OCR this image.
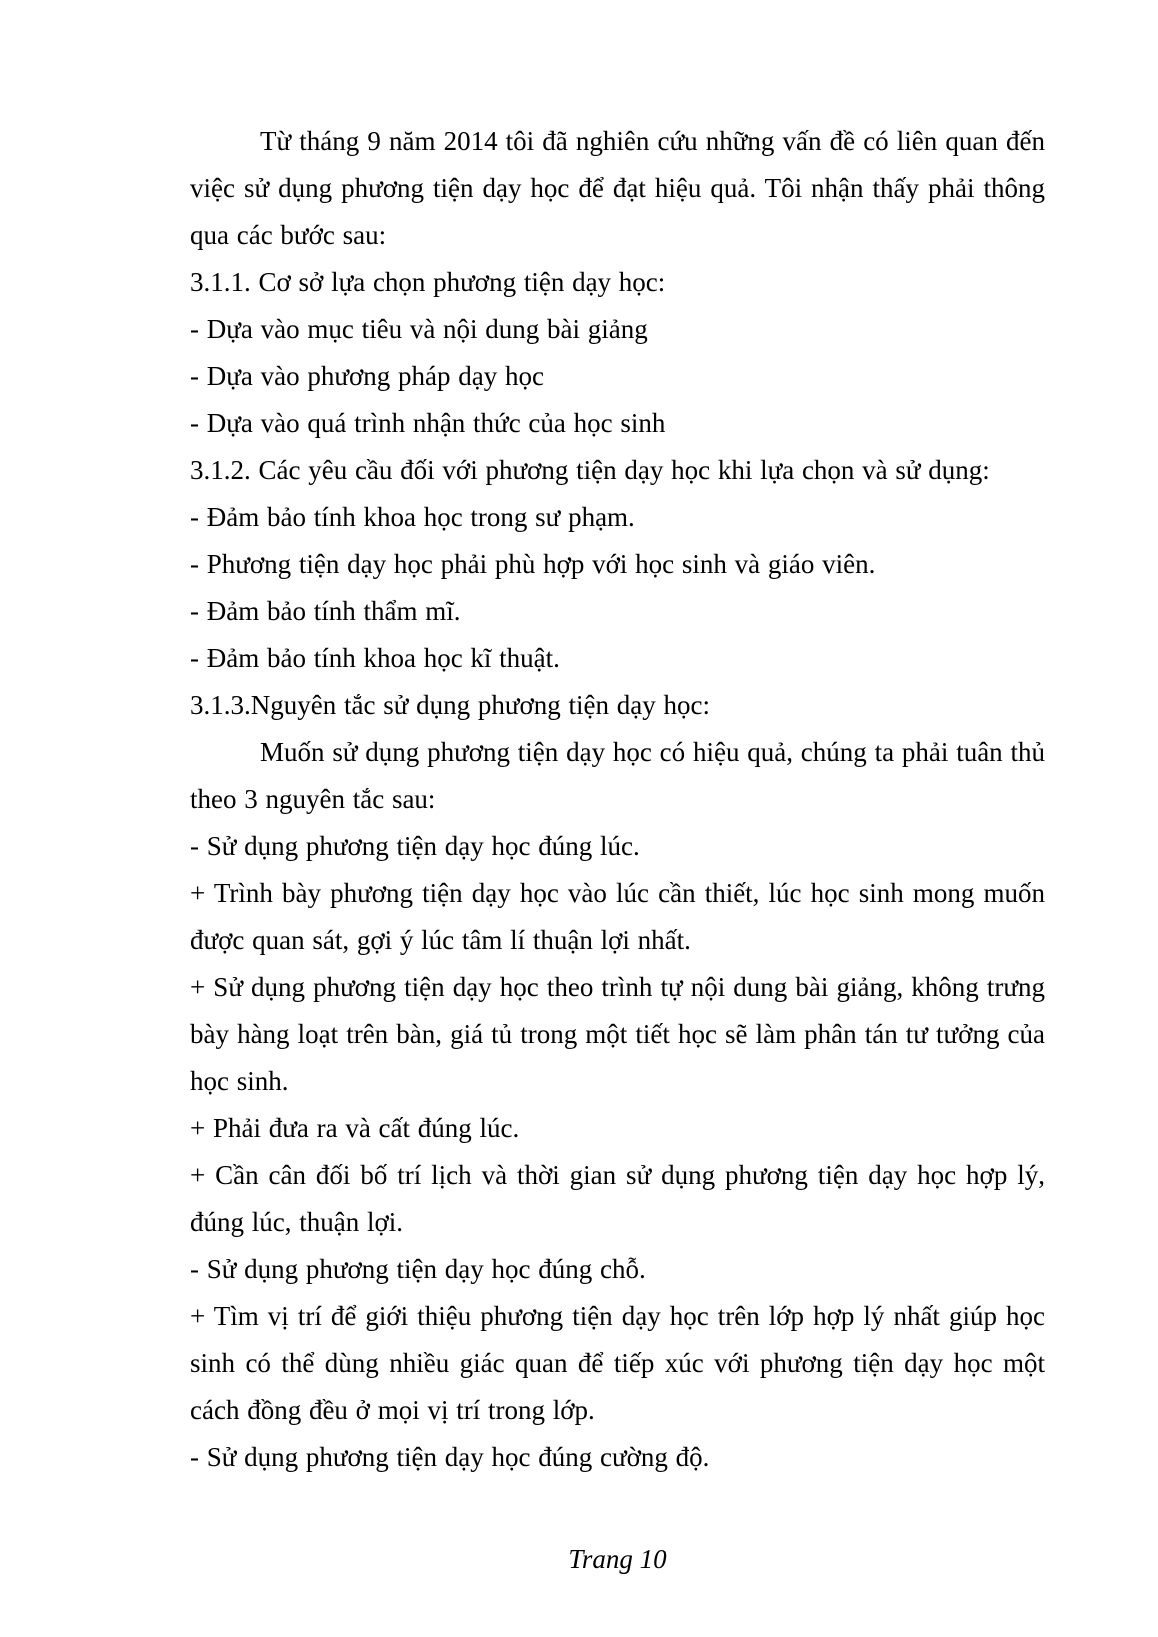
Từ tháng 9 năm 2014 tôi đã nghiên cứu những vấn đề có liên quan đến việc sử dụng phương tiện dạy học để đạt hiệu quả. Tôi nhận thấy phải thông qua các bước sau:

3.1.1. Cơ sở lựa chọn phương tiện dạy học:

- Dựa vào mục tiêu và nội dung bài giảng

- Dựa vào phương pháp dạy học

- Dựa vào quá trình nhận thức của học sinh

3.1.2. Các yêu cầu đối với phương tiện dạy học khi lựa chọn và sử dụng:

- Đảm bảo tính khoa học trong sư phạm.

- Phương tiện dạy học phải phù hợp với học sinh và giáo viên.

- Đảm bảo tính thẩm mĩ.

- Đảm bảo tính khoa học kĩ thuật.

3.1.3.Nguyên tắc sử dụng phương tiện dạy học:

Muốn sử dụng phương tiện dạy học có hiệu quả, chúng ta phải tuân thủ theo 3 nguyên tắc sau:

- Sử dụng phương tiện dạy học đúng lúc.

+ Trình bày phương tiện dạy học vào lúc cần thiết, lúc học sinh mong muốn được quan sát, gợi ý lúc tâm lí thuận lợi nhất.

+ Sử dụng phương tiện dạy học theo trình tự nội dung bài giảng, không trưng bày hàng loạt trên bàn, giá tủ trong một tiết học sẽ làm phân tán tư tưởng của học sinh.

+ Phải đưa ra và cất đúng lúc.

+ Cần cân đối bố trí lịch và thời gian sử dụng phương tiện dạy học hợp lý, đúng lúc, thuận lợi.

- Sử dụng phương tiện dạy học đúng chỗ.

+ Tìm vị trí để giới thiệu phương tiện dạy học trên lớp hợp lý nhất giúp học sinh có thể dùng nhiều giác quan để tiếp xúc với phương tiện dạy học một cách đồng đều ở mọi vị trí trong lớp.

- Sử dụng phương tiện dạy học đúng cường độ.

Trang 10
